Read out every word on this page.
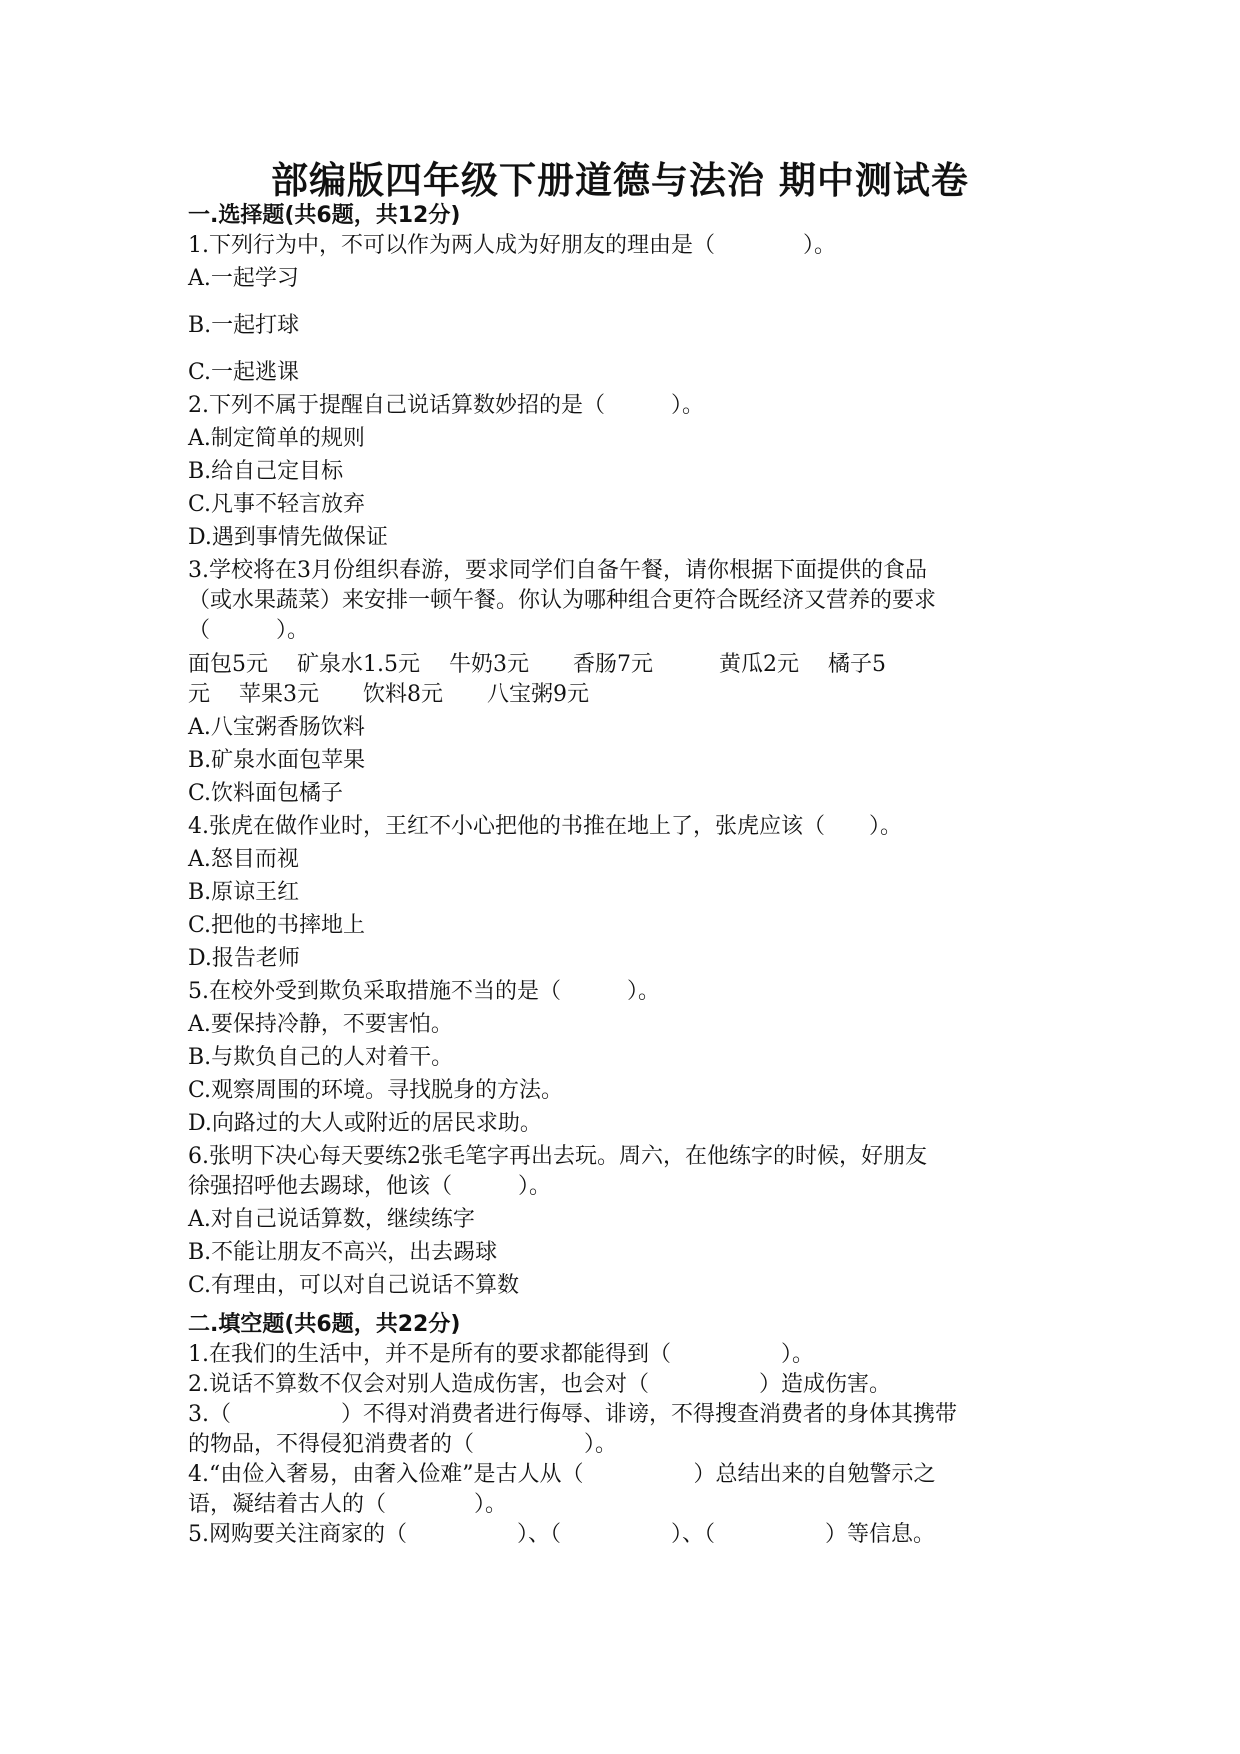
部编版四年级下册道德与法治 期中测试卷
一.选择题(共6题，共12分)
1.下列行为中，不可以作为两人成为好朋友的理由是（　　　　）。
A.一起学习
B.一起打球
C.一起逃课
2.下列不属于提醒自己说话算数妙招的是（　　　）。
A.制定简单的规则
B.给自己定目标
C.凡事不轻言放弃
D.遇到事情先做保证
3.学校将在3月份组织春游，要求同学们自备午餐，请你根据下面提供的食品
（或水果蔬菜）来安排一顿午餐。你认为哪种组合更符合既经济又营养的要求
（　　　）。
面包5元　 矿泉水1.5元　 牛奶3元　　香肠7元　　　黄瓜2元　 橘子5
元　 苹果3元　　饮料8元　　八宝粥9元
A.八宝粥香肠饮料
B.矿泉水面包苹果
C.饮料面包橘子
4.张虎在做作业时，王红不小心把他的书推在地上了，张虎应该（　　）。
A.怒目而视
B.原谅王红
C.把他的书摔地上
D.报告老师
5.在校外受到欺负采取措施不当的是（　　　）。
A.要保持冷静，不要害怕。
B.与欺负自己的人对着干。
C.观察周围的环境。寻找脱身的方法。
D.向路过的大人或附近的居民求助。
6.张明下决心每天要练2张毛笔字再出去玩。周六，在他练字的时候，好朋友
徐强招呼他去踢球，他该（　　　）。
A.对自己说话算数，继续练字
B.不能让朋友不高兴，出去踢球
C.有理由，可以对自己说话不算数
二.填空题(共6题，共22分)
1.在我们的生活中，并不是所有的要求都能得到（　　　　　）。
2.说话不算数不仅会对别人造成伤害，也会对（　　　　　）造成伤害。
3.（　　　　　）不得对消费者进行侮辱、诽谤，不得搜查消费者的身体其携带
的物品，不得侵犯消费者的（　　　　　）。
4.“由俭入奢易，由奢入俭难”是古人从（　　　　　）总结出来的自勉警示之
语，凝结着古人的（　　　　）。
5.网购要关注商家的（　　　　　）、（　　　　　）、（　　　　　）等信息。
